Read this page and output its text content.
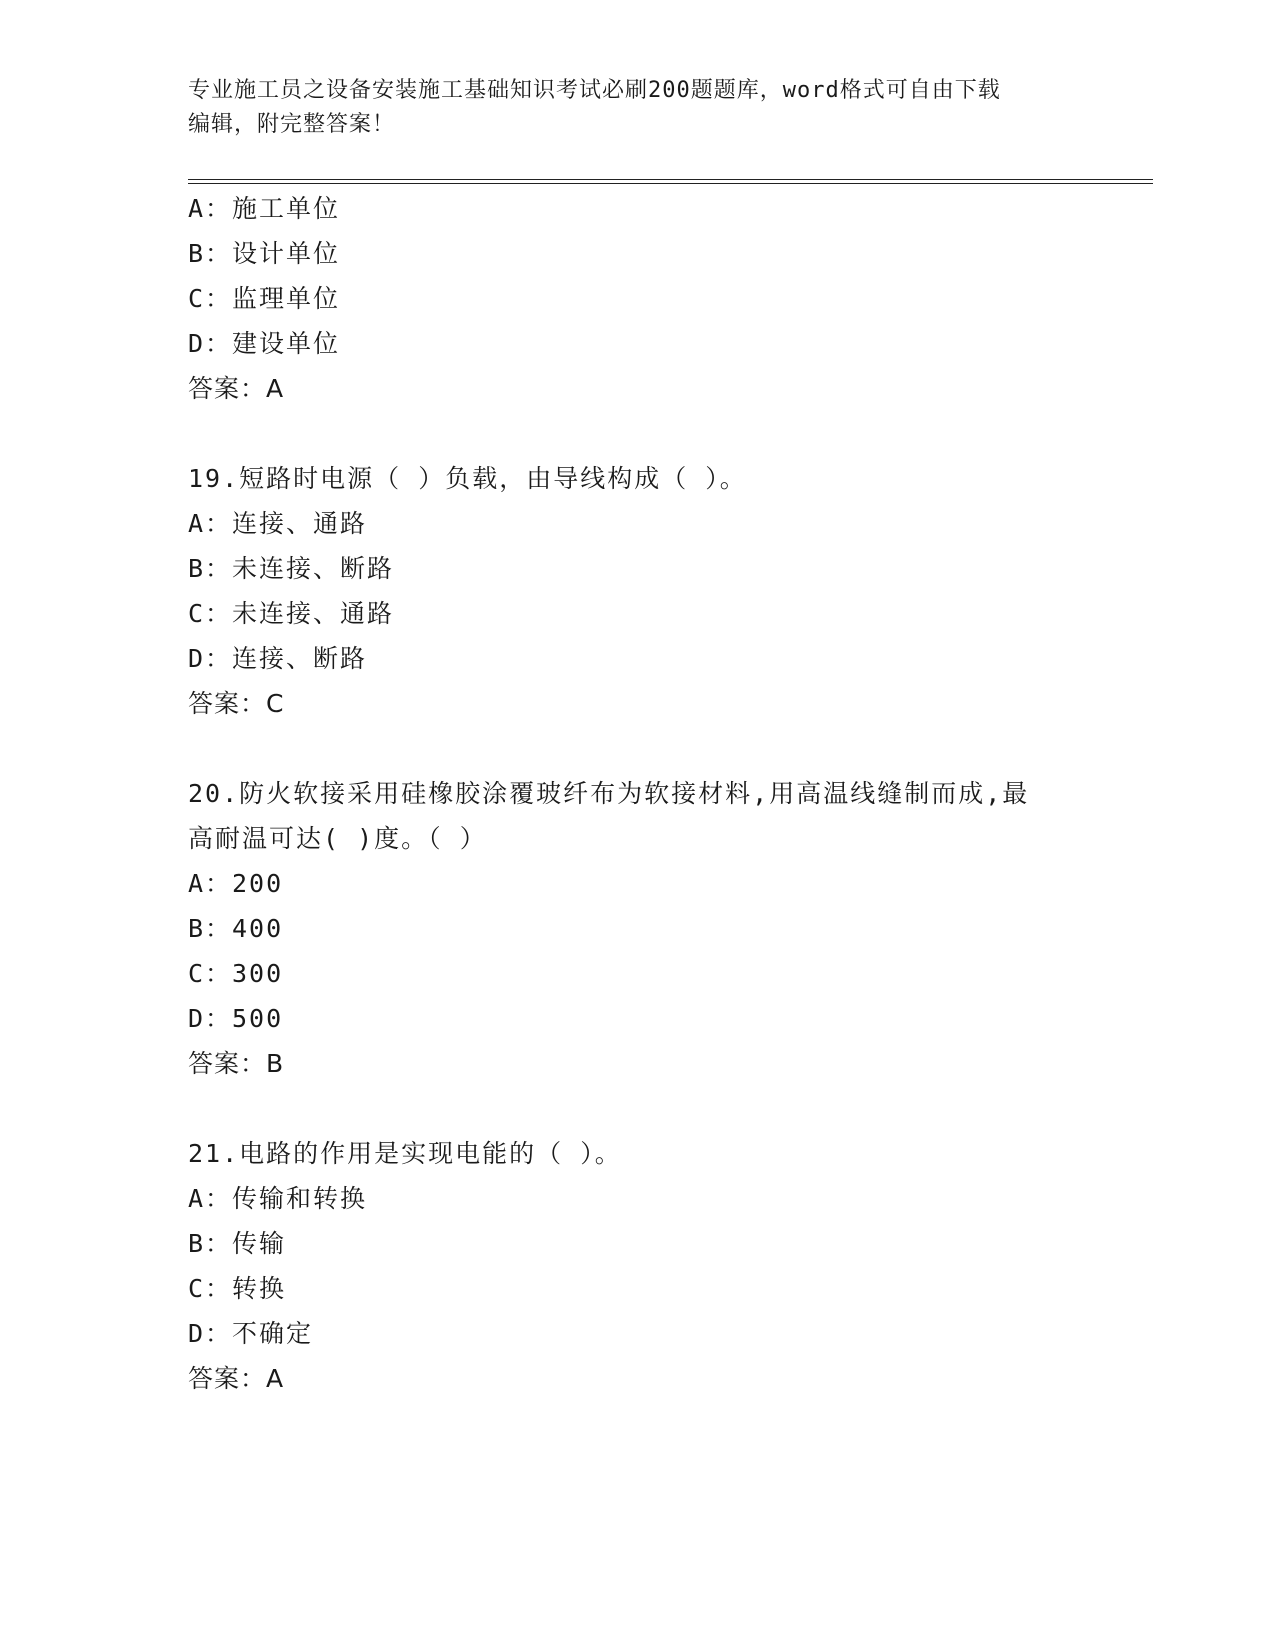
专业施工员之设备安装施工基础知识考试必刷200题题库，word格式可自由下载
编辑，附完整答案！
A：施工单位
B：设计单位
C：监理单位
D：建设单位
答案：A
19.短路时电源（ ）负载，由导线构成（ ）。
A：连接、通路
B：未连接、断路
C：未连接、通路
D：连接、断路
答案：C
20.防火软接采用硅橡胶涂覆玻纤布为软接材料,用高温线缝制而成,最
高耐温可达( )度。（ ）
A：200
B：400
C：300
D：500
答案：B
21.电路的作用是实现电能的（ ）。
A：传输和转换
B：传输
C：转换
D：不确定
答案：A
